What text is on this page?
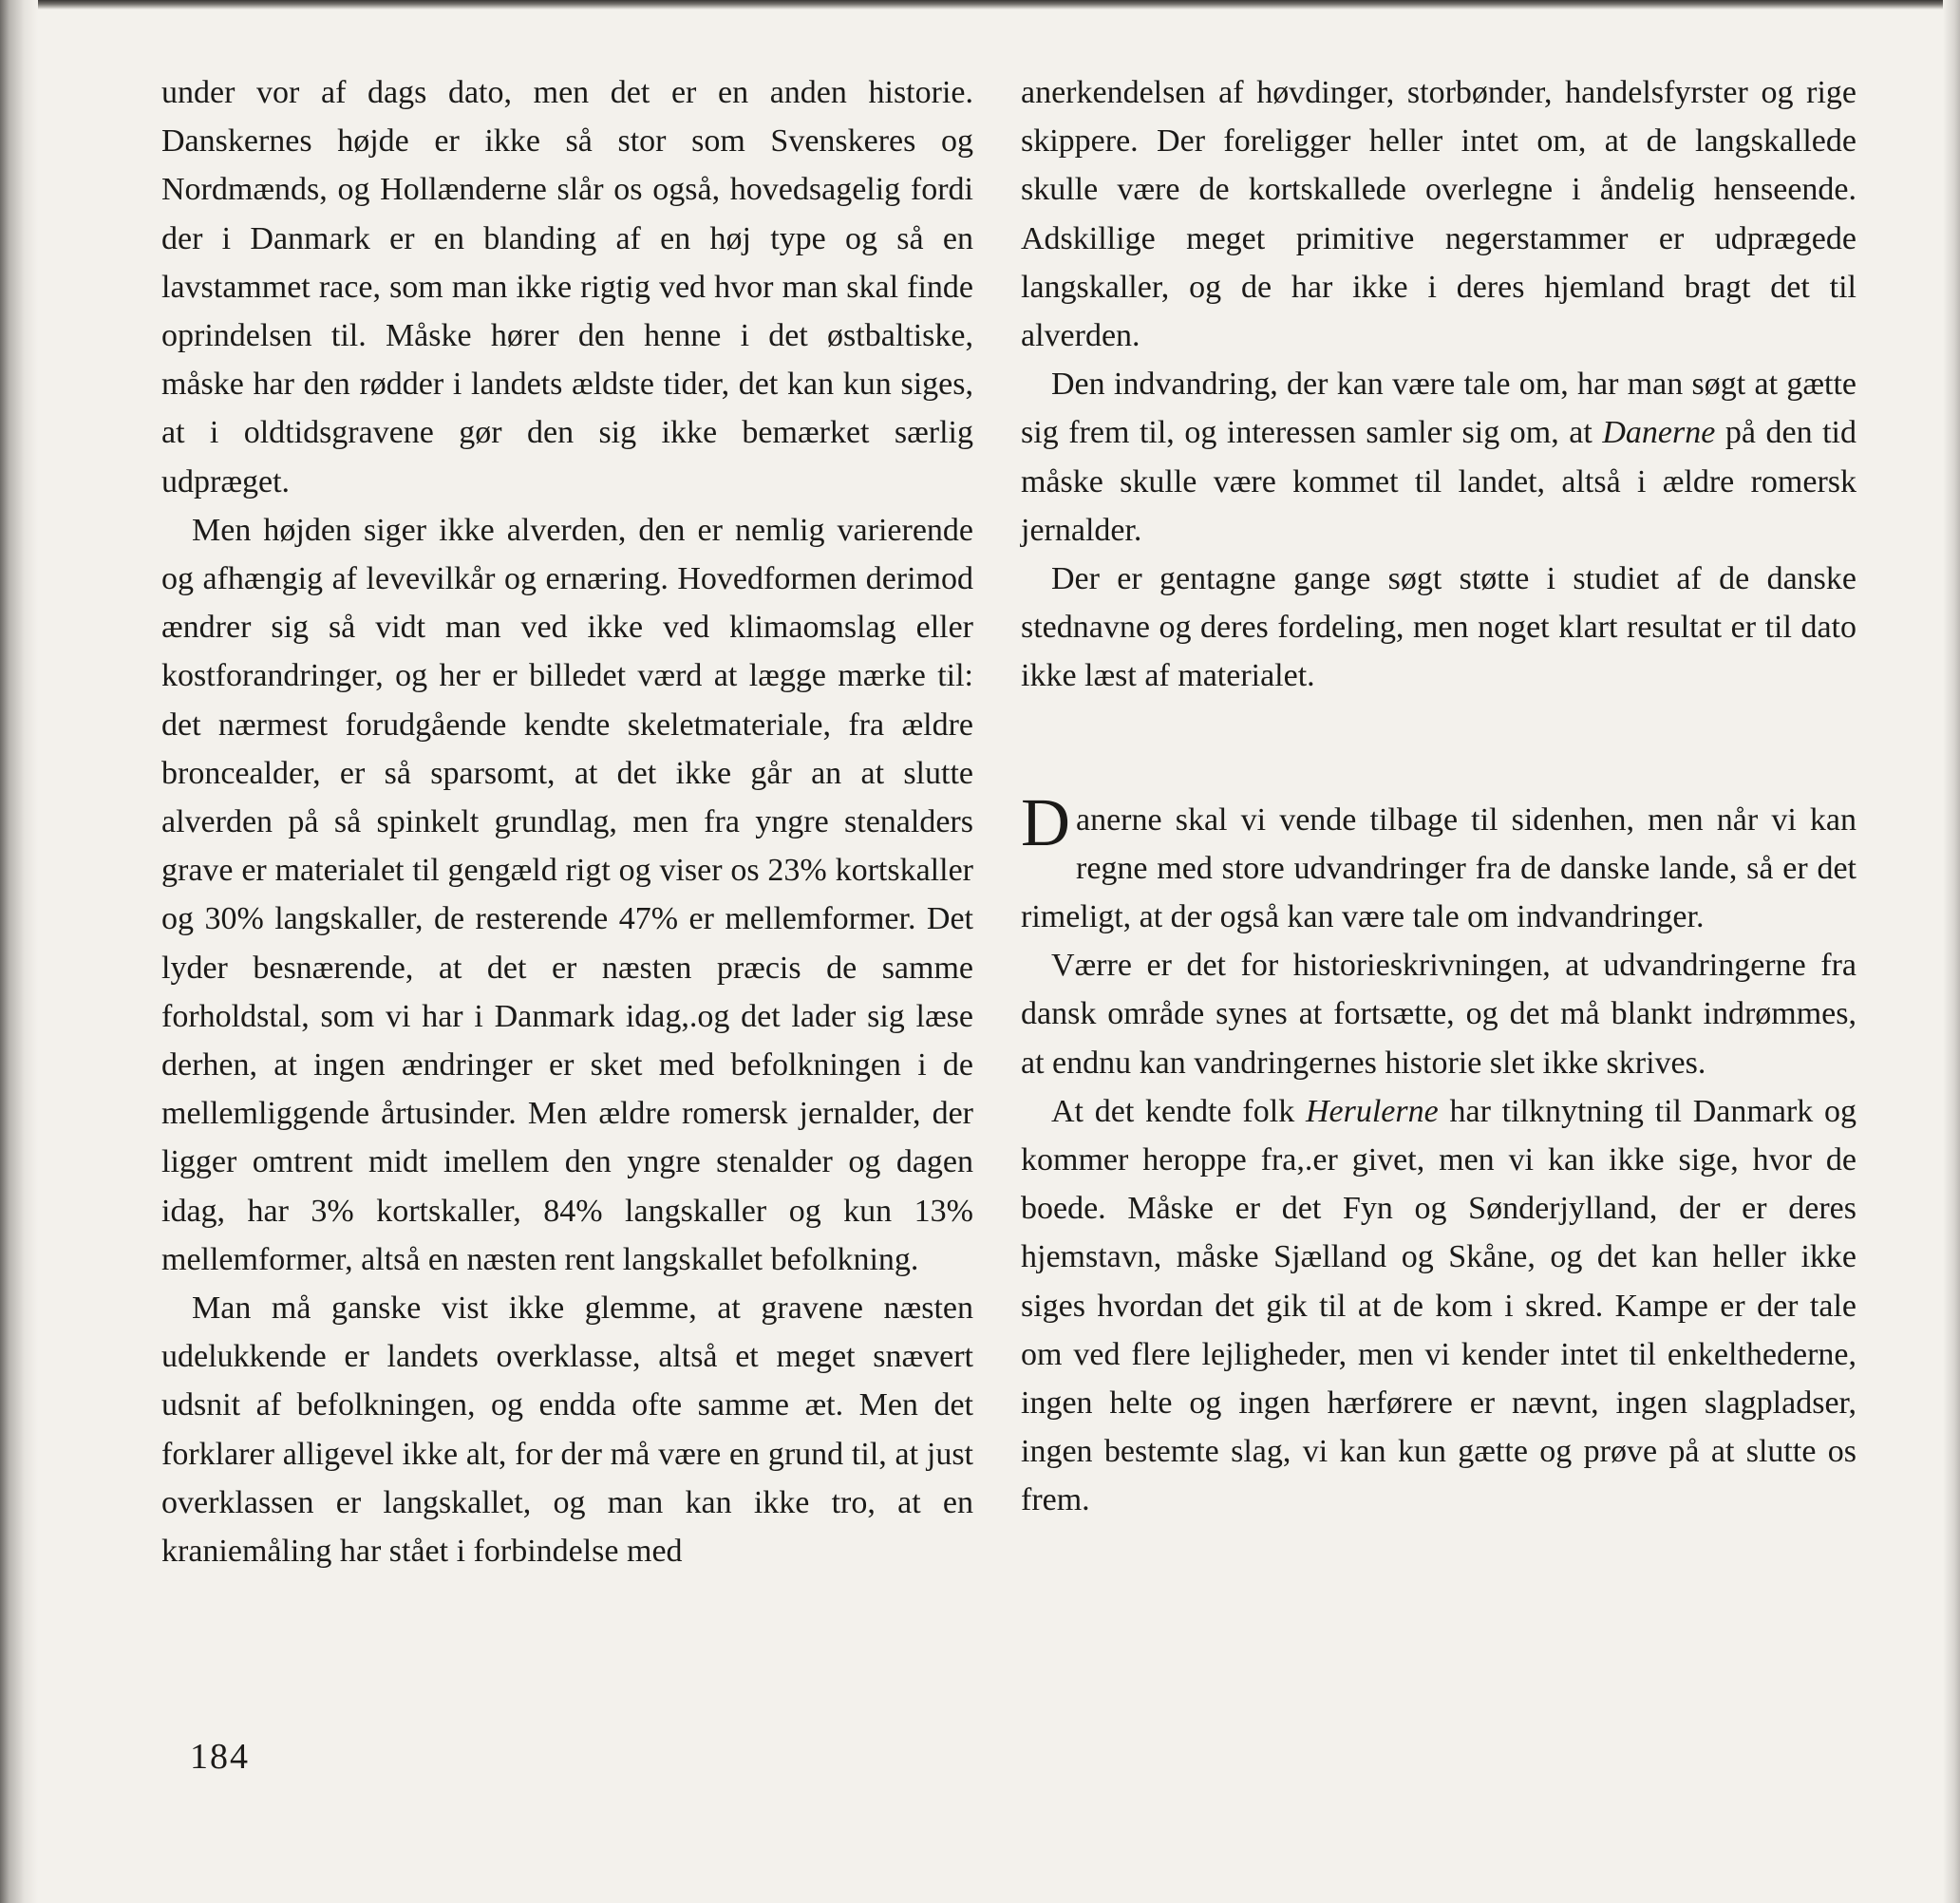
under vor af dags dato, men det er en anden historie. Danskernes højde er ikke så stor som Svenskeres og Nordmænds, og Hollænderne slår os også, hovedsagelig fordi der i Danmark er en blanding af en høj type og så en lavstammet race, som man ikke rigtig ved hvor man skal finde oprindelsen til. Måske hører den henne i det østbaltiske, måske har den rødder i landets ældste tider, det kan kun siges, at i oldtidsgravene gør den sig ikke bemærket særlig udpræget.

Men højden siger ikke alverden, den er nemlig varierende og afhængig af levevilkår og ernæring. Hovedformen derimod ændrer sig så vidt man ved ikke ved klimaomslag eller kostforandringer, og her er billedet værd at lægge mærke til: det nærmest forudgående kendte skeletmateriale, fra ældre broncealder, er så sparsomt, at det ikke går an at slutte alverden på så spinkelt grundlag, men fra yngre stenalders grave er materialet til gengæld rigt og viser os 23% kortskaller og 30% langskaller, de resterende 47% er mellemformer. Det lyder besnærende, at det er næsten præcis de samme forholdstal, som vi har i Danmark idag,.og det lader sig læse derhen, at ingen ændringer er sket med befolkningen i de mellemliggende årtusinder. Men ældre romersk jernalder, der ligger omtrent midt imellem den yngre stenalder og dagen idag, har 3% kortskaller, 84% langskaller og kun 13% mellemformer, altså en næsten rent langskallet befolkning.

Man må ganske vist ikke glemme, at gravene næsten udelukkende er landets overklasse, altså et meget snævert udsnit af befolkningen, og endda ofte samme æt. Men det forklarer alligevel ikke alt, for der må være en grund til, at just overklassen er langskallet, og man kan ikke tro, at en kraniemåling har stået i forbindelse med

anerkendelsen af høvdinger, storbønder, handelsfyrster og rige skippere. Der foreligger heller intet om, at de langskallede skulle være de kortskallede overlegne i åndelig henseende. Adskillige meget primitive negerstammer er udprægede langskaller, og de har ikke i deres hjemland bragt det til alverden.

Den indvandring, der kan være tale om, har man søgt at gætte sig frem til, og interessen samler sig om, at Danerne på den tid måske skulle være kommet til landet, altså i ældre romersk jernalder.

Der er gentagne gange søgt støtte i studiet af de danske stednavne og deres fordeling, men noget klart resultat er til dato ikke læst af materialet.

Danerne skal vi vende tilbage til sidenhen, men når vi kan regne med store udvandringer fra de danske lande, så er det rimeligt, at der også kan være tale om indvandringer.

Værre er det for historieskrivningen, at udvandringerne fra dansk område synes at fortsætte, og det må blankt indrømmes, at endnu kan vandringernes historie slet ikke skrives.

At det kendte folk Herulerne har tilknytning til Danmark og kommer heroppe fra,.er givet, men vi kan ikke sige, hvor de boede. Måske er det Fyn og Sønderjylland, der er deres hjemstavn, måske Sjælland og Skåne, og det kan heller ikke siges hvordan det gik til at de kom i skred. Kampe er der tale om ved flere lejligheder, men vi kender intet til enkelthederne, ingen helte og ingen hærførere er nævnt, ingen slagpladser, ingen bestemte slag, vi kan kun gætte og prøve på at slutte os frem.

184
